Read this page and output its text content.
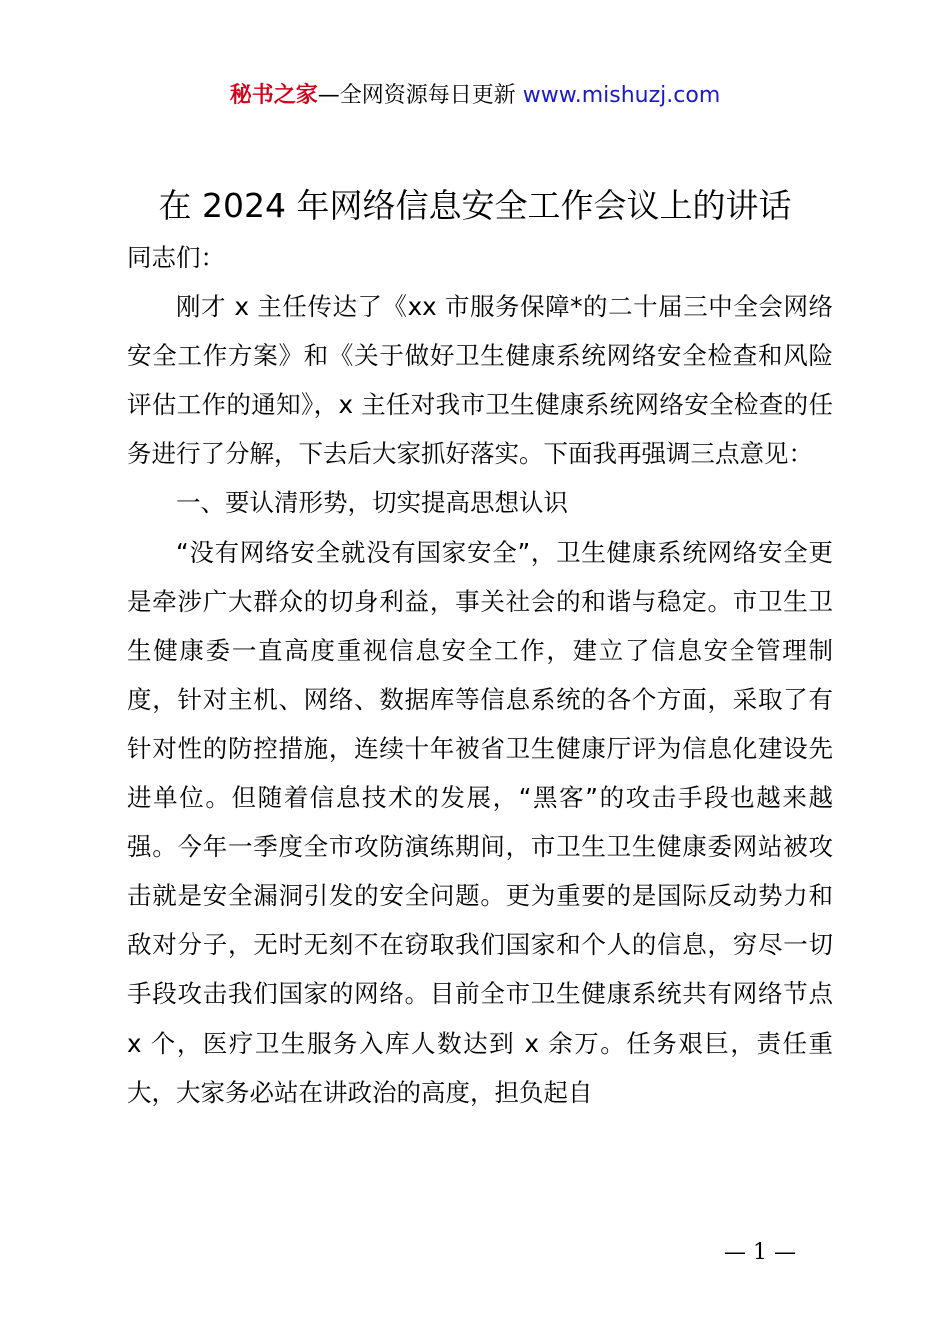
秘书之家—全网资源每日更新 www.mishuzj.com
在 2024 年网络信息安全工作会议上的讲话

同志们：

刚才 x 主任传达了《xx 市服务保障*的二十届三中全会网络安全工作方案》和《关于做好卫生健康系统网络安全检查和风险评估工作的通知》，x 主任对我市卫生健康系统网络安全检查的任务进行了分解，下去后大家抓好落实。下面我再强调三点意见：

一、要认清形势，切实提高思想认识

“没有网络安全就没有国家安全”，卫生健康系统网络安全更是牵涉广大群众的切身利益，事关社会的和谐与稳定。市卫生卫生健康委一直高度重视信息安全工作，建立了信息安全管理制度，针对主机、网络、数据库等信息系统的各个方面，采取了有针对性的防控措施，连续十年被省卫生健康厅评为信息化建设先进单位。但随着信息技术的发展，“黑客”的攻击手段也越来越强。今年一季度全市攻防演练期间，市卫生卫生健康委网站被攻击就是安全漏洞引发的安全问题。更为重要的是国际反动势力和敌对分子，无时无刻不在窃取我们国家和个人的信息，穷尽一切手段攻击我们国家的网络。目前全市卫生健康系统共有网络节点 x 个，医疗卫生服务入库人数达到 x 余万。任务艰巨，责任重大，大家务必站在讲政治的高度，担负起自

— 1 —
